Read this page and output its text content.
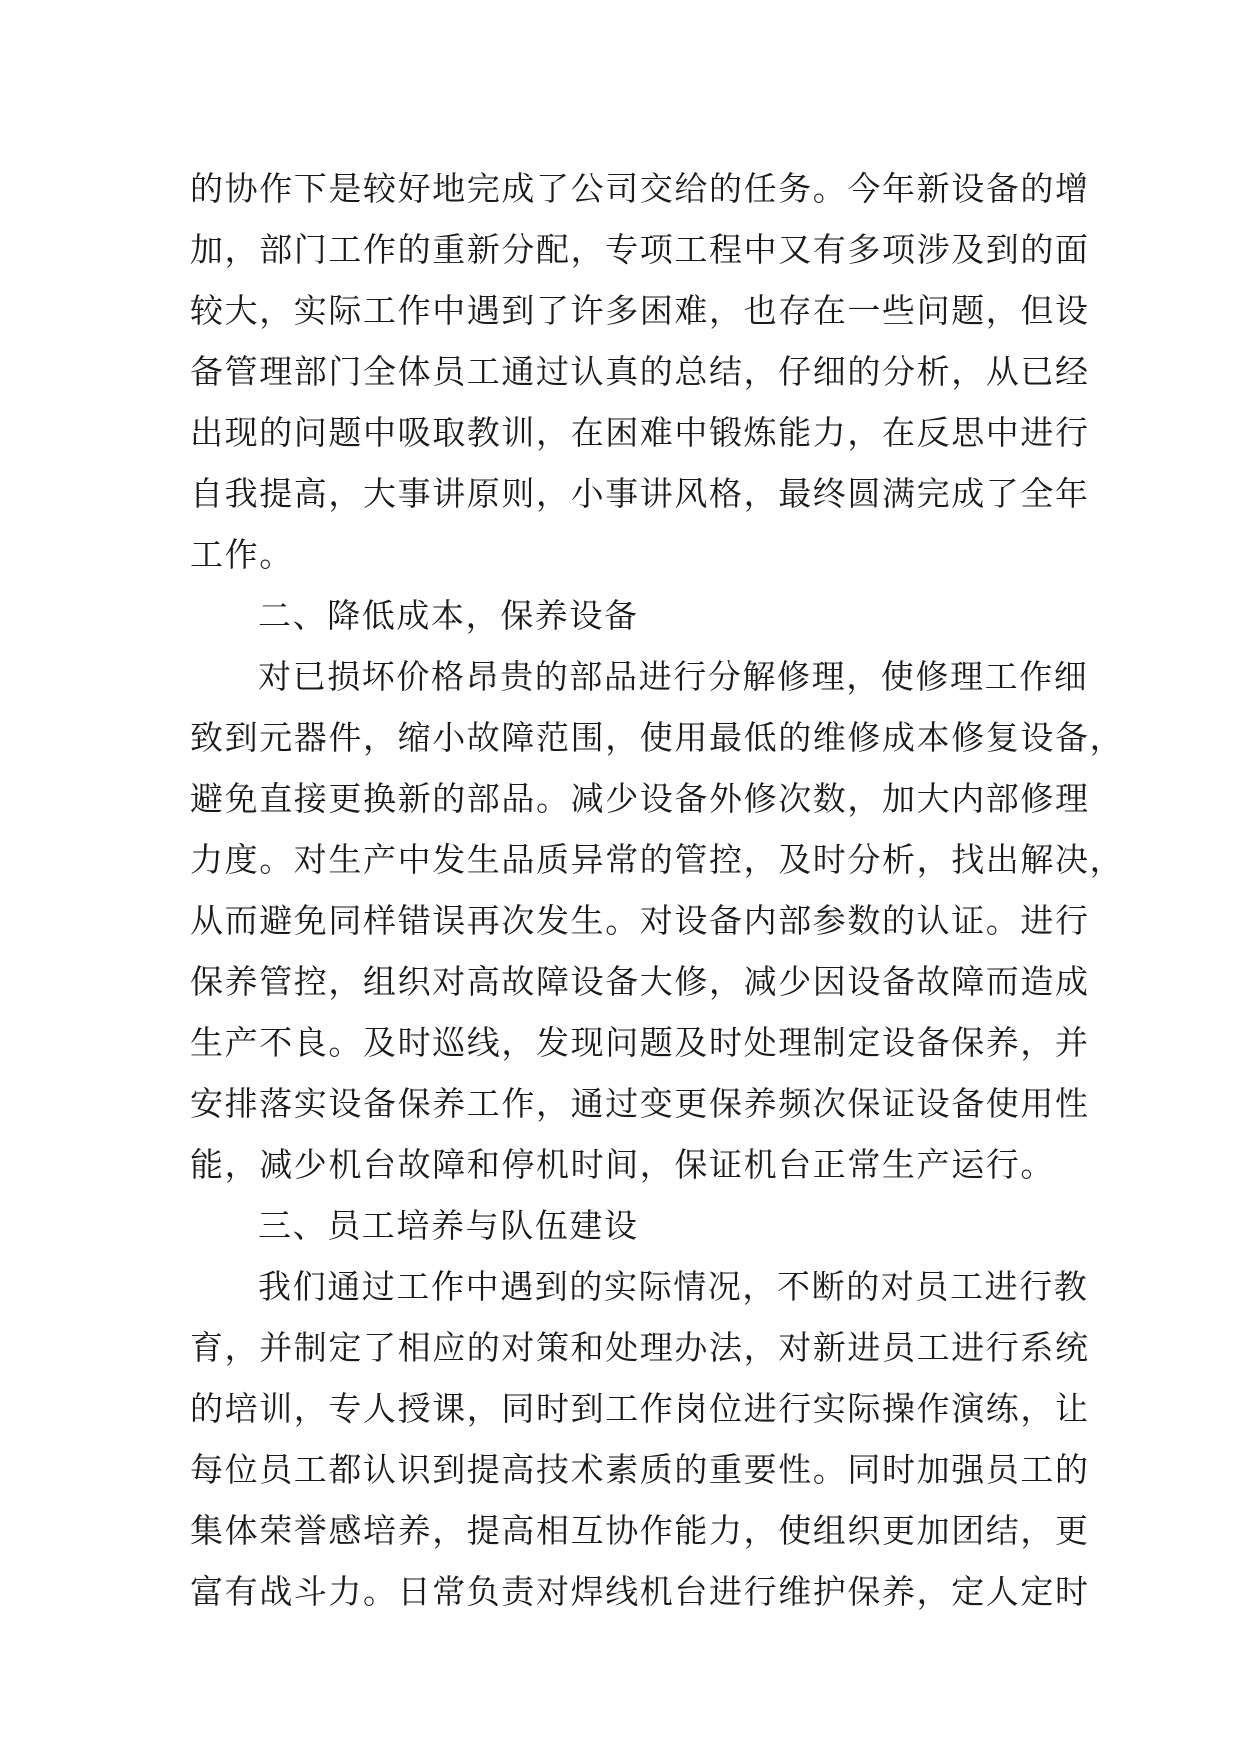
的协作下是较好地完成了公司交给的任务。今年新设备的增
加，部门工作的重新分配，专项工程中又有多项涉及到的面
较大，实际工作中遇到了许多困难，也存在一些问题，但设
备管理部门全体员工通过认真的总结，仔细的分析，从已经
出现的问题中吸取教训，在困难中锻炼能力，在反思中进行
自我提高，大事讲原则，小事讲风格，最终圆满完成了全年
工作。
二、降低成本，保养设备
对已损坏价格昂贵的部品进行分解修理，使修理工作细
致到元器件，缩小故障范围，使用最低的维修成本修复设备，
避免直接更换新的部品。减少设备外修次数，加大内部修理
力度。对生产中发生品质异常的管控，及时分析，找出解决，
从而避免同样错误再次发生。对设备内部参数的认证。进行
保养管控，组织对高故障设备大修，减少因设备故障而造成
生产不良。及时巡线，发现问题及时处理制定设备保养，并
安排落实设备保养工作，通过变更保养频次保证设备使用性
能，减少机台故障和停机时间，保证机台正常生产运行。
三、员工培养与队伍建设
我们通过工作中遇到的实际情况，不断的对员工进行教
育，并制定了相应的对策和处理办法，对新进员工进行系统
的培训，专人授课，同时到工作岗位进行实际操作演练，让
每位员工都认识到提高技术素质的重要性。同时加强员工的
集体荣誉感培养，提高相互协作能力，使组织更加团结，更
富有战斗力。日常负责对焊线机台进行维护保养，定人定时
